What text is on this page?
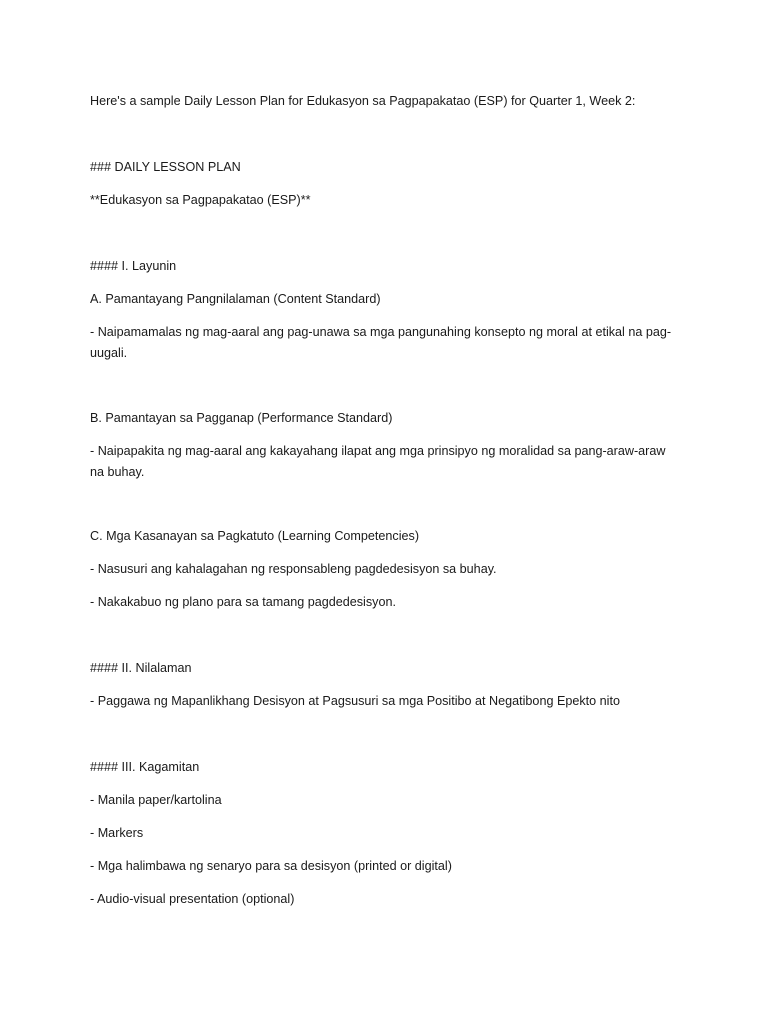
Here's a sample Daily Lesson Plan for Edukasyon sa Pagpapakatao (ESP) for Quarter 1, Week 2:

### DAILY LESSON PLAN

**Edukasyon sa Pagpapakatao (ESP)**

#### I. Layunin

A. Pamantayang Pangnilalaman (Content Standard)

- Naipamamalas ng mag-aaral ang pag-unawa sa mga pangunahing konsepto ng moral at etikal na pag-uugali.

B. Pamantayan sa Pagganap (Performance Standard)

- Naipapakita ng mag-aaral ang kakayahang ilapat ang mga prinsipyo ng moralidad sa pang-araw-araw na buhay.

C. Mga Kasanayan sa Pagkatuto (Learning Competencies)

- Nasusuri ang kahalagahan ng responsableng pagdedesisyon sa buhay.

- Nakakabuo ng plano para sa tamang pagdedesisyon.

#### II. Nilalaman

- Paggawa ng Mapanlikhang Desisyon at Pagsusuri sa mga Positibo at Negatibong Epekto nito

#### III. Kagamitan

- Manila paper/kartolina

- Markers

- Mga halimbawa ng senaryo para sa desisyon (printed or digital)

- Audio-visual presentation (optional)
